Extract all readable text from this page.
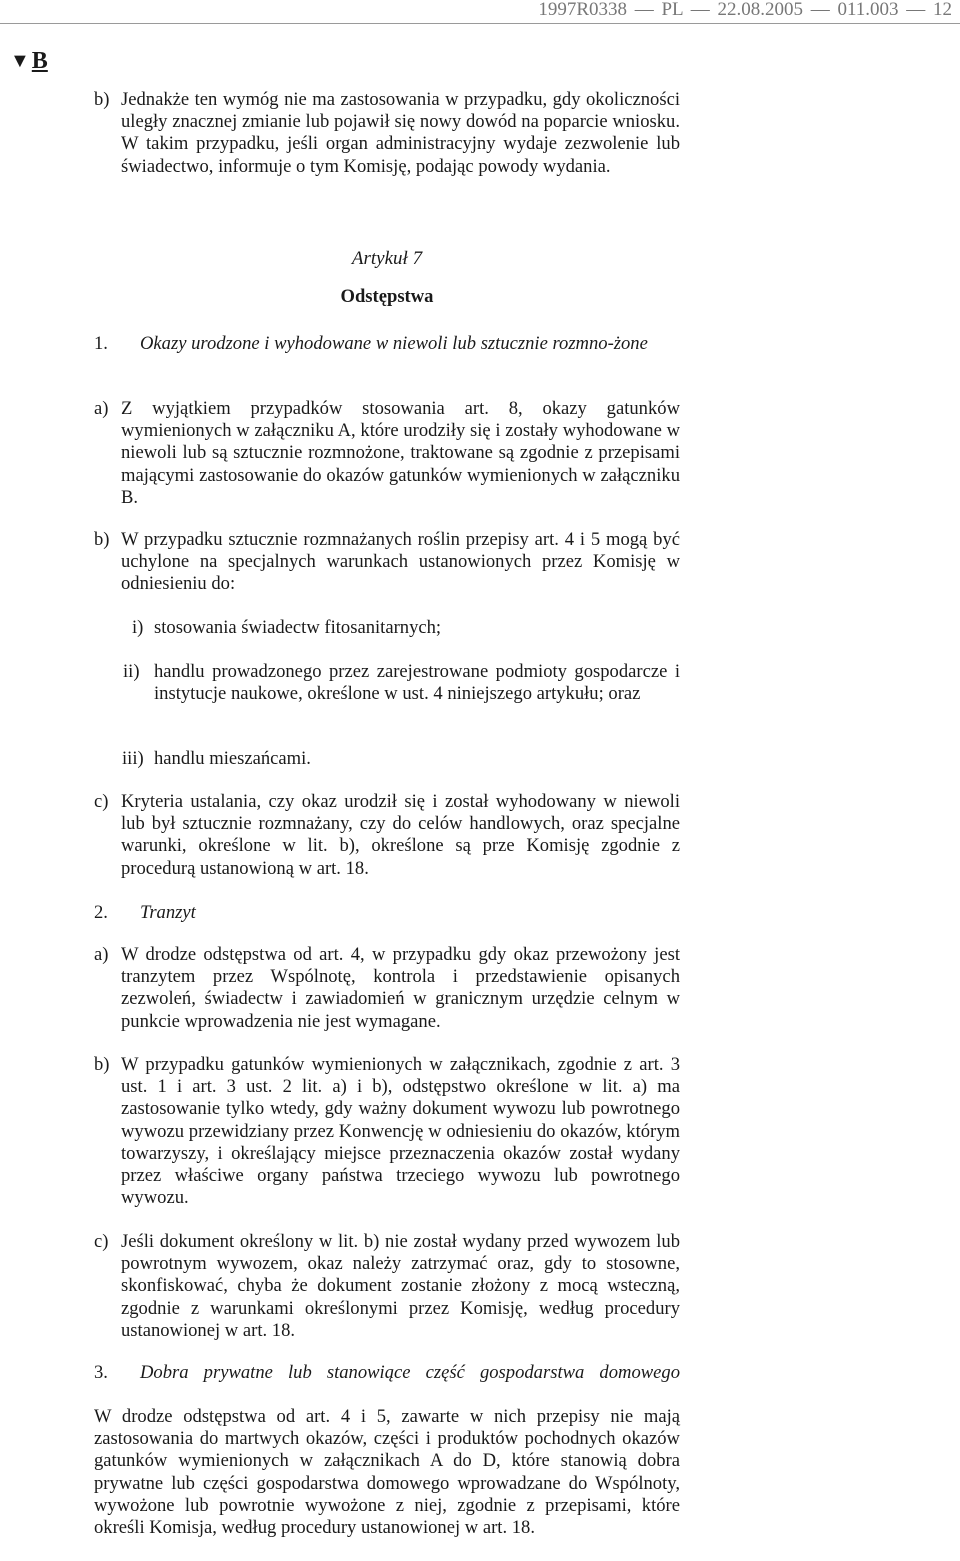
1997R0338 — PL — 22.08.2005 — 011.003 — 12
▼B
b) Jednakże ten wymóg nie ma zastosowania w przypadku, gdy okoliczności uległy znacznej zmianie lub pojawił się nowy dowód na poparcie wniosku. W takim przypadku, jeśli organ administracyjny wydaje zezwolenie lub świadectwo, informuje o tym Komisję, podając powody wydania.
Artykuł 7
Odstępstwa
1.	Okazy urodzone i wyhodowane w niewoli lub sztucznie rozmno-żone
a) Z wyjątkiem przypadków stosowania art. 8, okazy gatunków wymienionych w załączniku A, które urodziły się i zostały wyhodowane w niewoli lub są sztucznie rozmnożone, traktowane są zgodnie z przepisami mającymi zastosowanie do okazów gatunków wymienionych w załączniku B.
b) W przypadku sztucznie rozmnażanych roślin przepisy art. 4 i 5 mogą być uchylone na specjalnych warunkach ustanowionych przez Komisję w odniesieniu do:
i) stosowania świadectw fitosanitarnych;
ii) handlu prowadzonego przez zarejestrowane podmioty gospodarcze i instytucje naukowe, określone w ust. 4 niniejszego artykułu; oraz
iii) handlu mieszańcami.
c) Kryteria ustalania, czy okaz urodził się i został wyhodowany w niewoli lub był sztucznie rozmnażany, czy do celów handlowych, oraz specjalne warunki, określone w lit. b), określone są prze Komisję zgodnie z procedurą ustanowioną w art. 18.
2. Tranzyt
a) W drodze odstępstwa od art. 4, w przypadku gdy okaz przewożony jest tranzytem przez Wspólnotę, kontrola i przedstawienie opisanych zezwoleń, świadectw i zawiadomień w granicznym urzędzie celnym w punkcie wprowadzenia nie jest wymagane.
b) W przypadku gatunków wymienionych w załącznikach, zgodnie z art. 3 ust. 1 i art. 3 ust. 2 lit. a) i b), odstępstwo określone w lit. a) ma zastosowanie tylko wtedy, gdy ważny dokument wywozu lub powrotnego wywozu przewidziany przez Konwencję w odniesieniu do okazów, którym towarzyszy, i określający miejsce przeznaczenia okazów został wydany przez właściwe organy państwa trzeciego wywozu lub powrotnego wywozu.
c) Jeśli dokument określony w lit. b) nie został wydany przed wywozem lub powrotnym wywozem, okaz należy zatrzymać oraz, gdy to stosowne, skonfiskować, chyba że dokument zostanie złożony z mocą wsteczną, zgodnie z warunkami określonymi przez Komisję, według procedury ustanowionej w art. 18.
3. Dobra prywatne lub stanowiące część gospodarstwa domowego
W drodze odstępstwa od art. 4 i 5, zawarte w nich przepisy nie mają zastosowania do martwych okazów, części i produktów pochodnych okazów gatunków wymienionych w załącznikach A do D, które stanowią dobra prywatne lub części gospodarstwa domowego wprowadzane do Wspólnoty, wywożone lub powrotnie wywożone z niej, zgodnie z przepisami, które określi Komisja, według procedury ustanowionej w art. 18.
